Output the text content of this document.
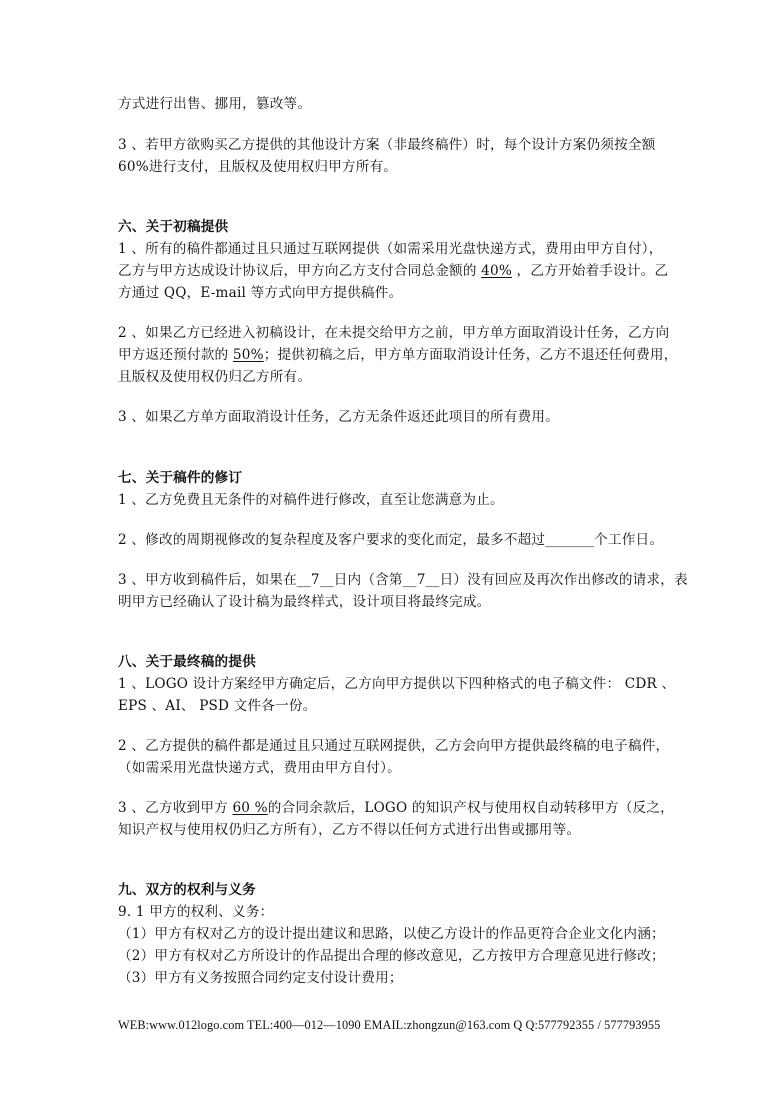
方式进行出售、挪用，篡改等。
3 、若甲方欲购买乙方提供的其他设计方案（非最终稿件）时，每个设计方案仍须按全额
60%进行支付，且版权及使用权归甲方所有。
六、关于初稿提供
1 、所有的稿件都通过且只通过互联网提供（如需采用光盘快递方式，费用由甲方自付），
乙方与甲方达成设计协议后，甲方向乙方支付合同总金额的 40% ，乙方开始着手设计。乙
方通过 QQ，E-mail 等方式向甲方提供稿件。
2 、如果乙方已经进入初稿设计，在未提交给甲方之前，甲方单方面取消设计任务，乙方向
甲方返还预付款的 50%；提供初稿之后，甲方单方面取消设计任务，乙方不退还任何费用，
且版权及使用权仍归乙方所有。
3 、如果乙方单方面取消设计任务，乙方无条件返还此项目的所有费用。
七、关于稿件的修订
1 、乙方免费且无条件的对稿件进行修改，直至让您满意为止。
2 、修改的周期视修改的复杂程度及客户要求的变化而定，最多不超过_______个工作日。
3 、甲方收到稿件后，如果在__7__日内（含第__7__日）没有回应及再次作出修改的请求，表
明甲方已经确认了设计稿为最终样式，设计项目将最终完成。
八、关于最终稿的提供
1 、LOGO 设计方案经甲方确定后，乙方向甲方提供以下四种格式的电子稿文件： CDR 、
EPS 、AI、 PSD 文件各一份。
2 、乙方提供的稿件都是通过且只通过互联网提供，乙方会向甲方提供最终稿的电子稿件，
（如需采用光盘快递方式，费用由甲方自付）。
3 、乙方收到甲方 60 %的合同余款后，LOGO 的知识产权与使用权自动转移甲方（反之，
知识产权与使用权仍归乙方所有），乙方不得以任何方式进行出售或挪用等。
九、双方的权利与义务
9. 1 甲方的权利、义务：
（1）甲方有权对乙方的设计提出建议和思路，以使乙方设计的作品更符合企业文化内涵；
（2）甲方有权对乙方所设计的作品提出合理的修改意见，乙方按甲方合理意见进行修改；
（3）甲方有义务按照合同约定支付设计费用；
WEB:www.012logo.com TEL:400—012—1090 EMAIL:zhongzun@163.com Q Q:577792355 / 577793955
